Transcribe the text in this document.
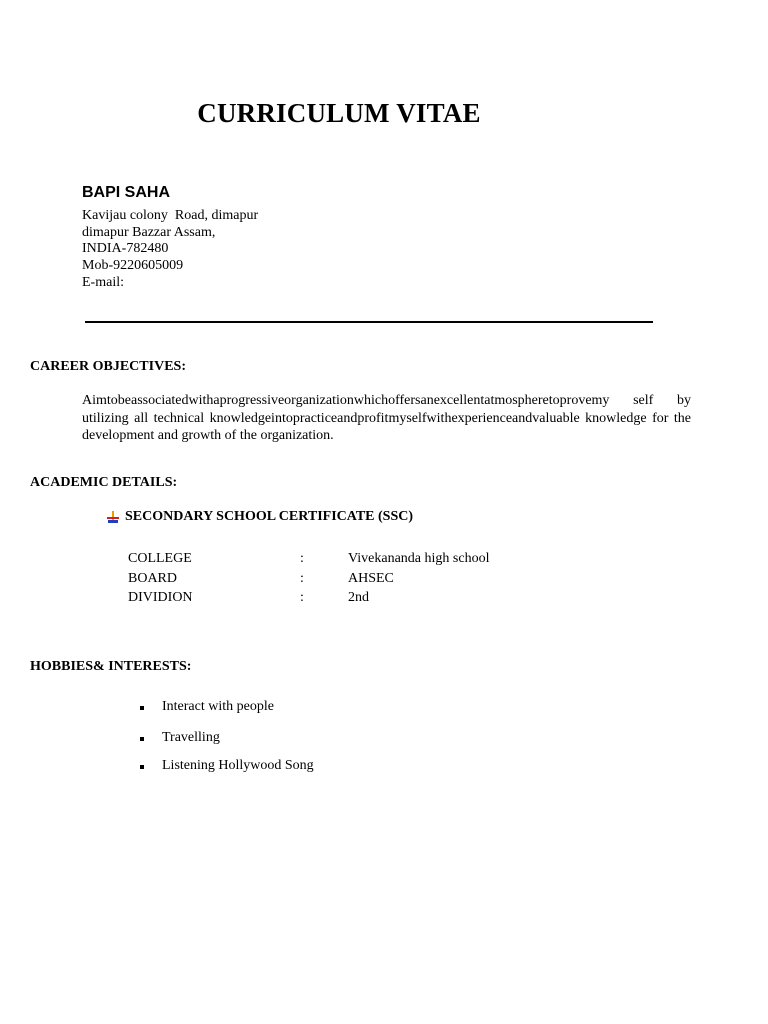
CURRICULUM VITAE
BAPI SAHA
Kavijau colony  Road, dimapur
dimapur Bazzar Assam,
INDIA-782480
Mob-9220605009
E-mail:
CAREER OBJECTIVES:
Aimtobeassociatedwithaprogressiveorganizationwhichoffersanexcellentatmospheretoprovemy self by utilizing all technical knowledgeintopracticeandprofitmyselfwithexperienceandvaluable knowledge for the development and growth of the organization.
ACADEMIC DETAILS:
SECONDARY SCHOOL CERTIFICATE (SSC)
COLLEGE	:	Vivekananda high school
BOARD	:	AHSEC
DIVIDION	:	2nd
HOBBIES& INTERESTS:
Interact with people
Travelling
Listening Hollywood Song
